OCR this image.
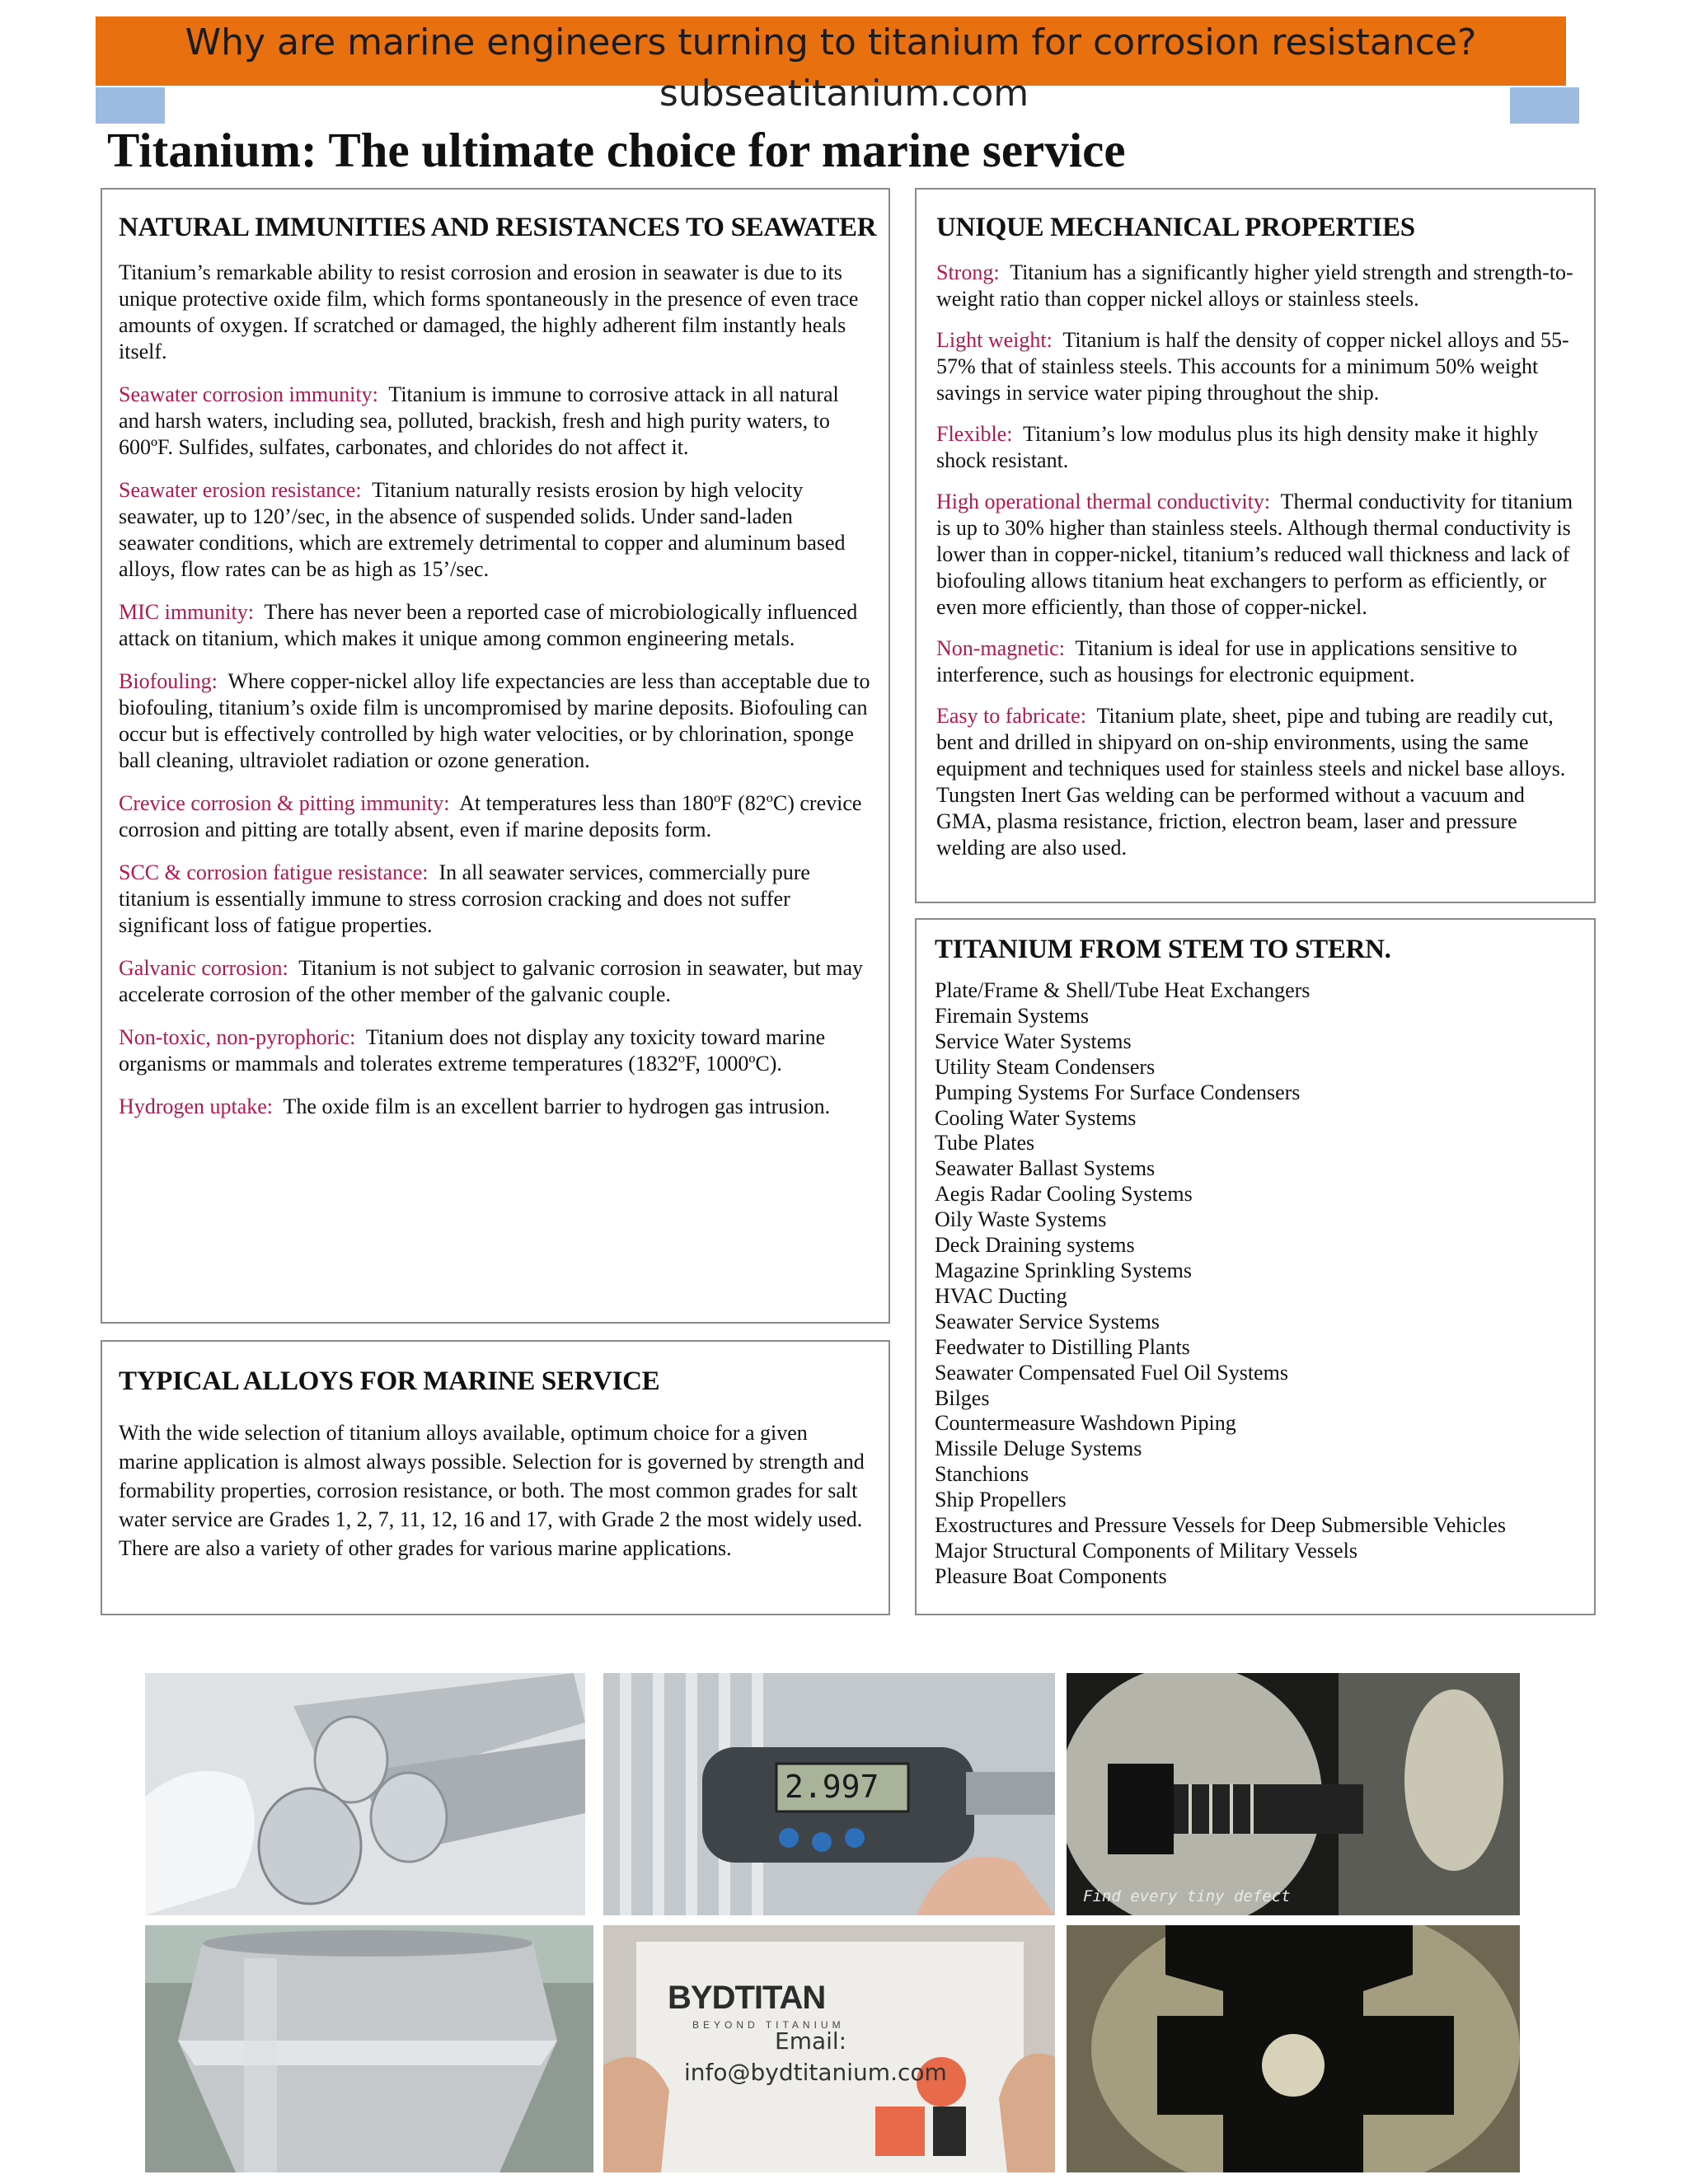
Why are marine engineers turning to titanium for corrosion resistance?
subseatitanium.com
Titanium: The ultimate choice for marine service
NATURAL IMMUNITIES AND RESISTANCES TO SEAWATER

Titanium’s remarkable ability to resist corrosion and erosion in seawater is due to its unique protective oxide film, which forms spontaneously in the presence of even trace amounts of oxygen. If scratched or damaged, the highly adherent film instantly heals itself.

Seawater corrosion immunity: Titanium is immune to corrosive attack in all natural and harsh waters, including sea, polluted, brackish, fresh and high purity waters, to 600ºF. Sulfides, sulfates, carbonates, and chlorides do not affect it.

Seawater erosion resistance: Titanium naturally resists erosion by high velocity seawater, up to 120’/sec, in the absence of suspended solids. Under sand-laden seawater conditions, which are extremely detrimental to copper and aluminum based alloys, flow rates can be as high as 15’/sec.

MIC immunity: There has never been a reported case of microbiologically influenced attack on titanium, which makes it unique among common engineering metals.

Biofouling: Where copper-nickel alloy life expectancies are less than acceptable due to biofouling, titanium’s oxide film is uncompromised by marine deposits. Biofouling can occur but is effectively controlled by high water velocities, or by chlorination, sponge ball cleaning, ultraviolet radiation or ozone generation.

Crevice corrosion & pitting immunity: At temperatures less than 180ºF (82ºC) crevice corrosion and pitting are totally absent, even if marine deposits form.

SCC & corrosion fatigue resistance: In all seawater services, commercially pure titanium is essentially immune to stress corrosion cracking and does not suffer significant loss of fatigue properties.

Galvanic corrosion: Titanium is not subject to galvanic corrosion in seawater, but may accelerate corrosion of the other member of the galvanic couple.

Non-toxic, non-pyrophoric: Titanium does not display any toxicity toward marine organisms or mammals and tolerates extreme temperatures (1832ºF, 1000ºC).

Hydrogen uptake: The oxide film is an excellent barrier to hydrogen gas intrusion.

TYPICAL ALLOYS FOR MARINE SERVICE

With the wide selection of titanium alloys available, optimum choice for a given marine application is almost always possible. Selection for is governed by strength and formability properties, corrosion resistance, or both. The most common grades for salt water service are Grades 1, 2, 7, 11, 12, 16 and 17, with Grade 2 the most widely used. There are also a variety of other grades for various marine applications.

UNIQUE MECHANICAL PROPERTIES

Strong: Titanium has a significantly higher yield strength and strength-to-weight ratio than copper nickel alloys or stainless steels.

Light weight: Titanium is half the density of copper nickel alloys and 55-57% that of stainless steels. This accounts for a minimum 50% weight savings in service water piping throughout the ship.

Flexible: Titanium’s low modulus plus its high density make it highly shock resistant.

High operational thermal conductivity: Thermal conductivity for titanium is up to 30% higher than stainless steels. Although thermal conductivity is lower than in copper-nickel, titanium’s reduced wall thickness and lack of biofouling allows titanium heat exchangers to perform as efficiently, or even more efficiently, than those of copper-nickel.

Non-magnetic: Titanium is ideal for use in applications sensitive to interference, such as housings for electronic equipment.

Easy to fabricate: Titanium plate, sheet, pipe and tubing are readily cut, bent and drilled in shipyard on on-ship environments, using the same equipment and techniques used for stainless steels and nickel base alloys. Tungsten Inert Gas welding can be performed without a vacuum and GMA, plasma resistance, friction, electron beam, laser and pressure welding are also used.

TITANIUM FROM STEM TO STERN.
Plate/Frame & Shell/Tube Heat Exchangers
Firemain Systems
Service Water Systems
Utility Steam Condensers
Pumping Systems For Surface Condensers
Cooling Water Systems
Tube Plates
Seawater Ballast Systems
Aegis Radar Cooling Systems
Oily Waste Systems
Deck Draining systems
Magazine Sprinkling Systems
HVAC Ducting
Seawater Service Systems
Feedwater to Distilling Plants
Seawater Compensated Fuel Oil Systems
Bilges
Countermeasure Washdown Piping
Missile Deluge Systems
Stanchions
Ship Propellers
Exostructures and Pressure Vessels for Deep Submersible Vehicles
Major Structural Components of Military Vessels
Pleasure Boat Components
2.997
Find every tiny defect
BYDTITAN
BEYOND TITANIUM
Email:
info@bydtitanium.com
